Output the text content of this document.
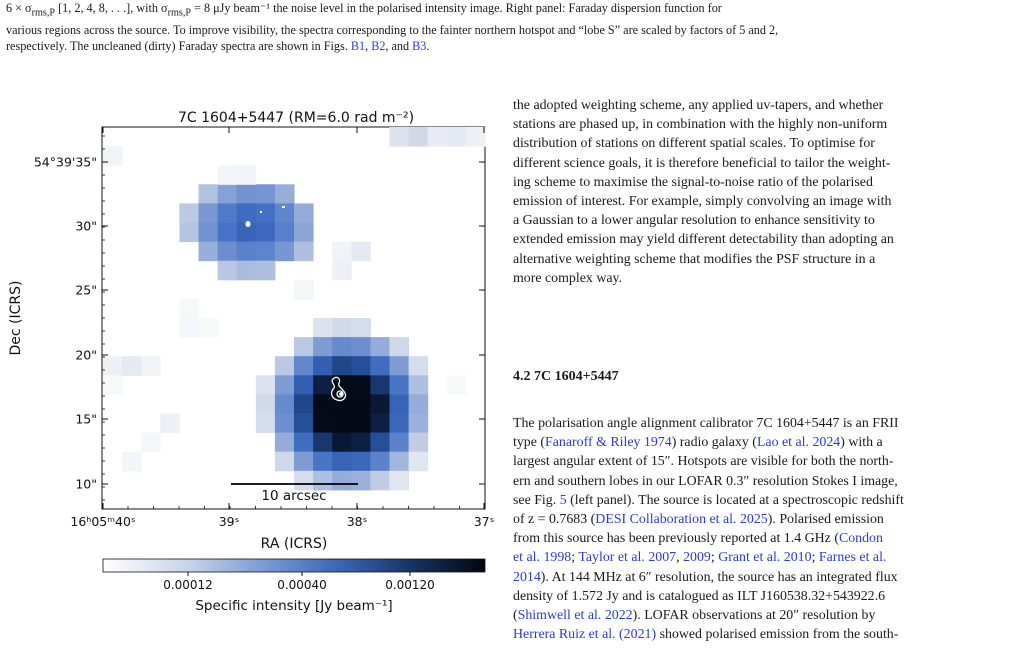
$6 \times \sigma_{rms,P}$ [1, 2, 4, 8, . . .], with $\sigma_{rms,P} = 8$ μJy beam⁻¹ the noise level in the polarised intensity image. Right panel: Faraday dispersion function for
various regions across the source. To improve visibility, the spectra corresponding to the fainter northern hotspot and “lobe S” are scaled by factors of 5 and 2,
respectively. The uncleaned (dirty) Faraday spectra are shown in Figs. B1, B2, and B3.
7C 1604+5447 (RM=6.0 rad m⁻²)
54°39'35"
30"
25"
20"
15"
10"
16ʰ05ᵐ40ˢ	39ˢ	38ˢ	37ˢ
Dec (ICRS)
RA (ICRS)
10 arcsec
0.00012	0.00040	0.00120
Specific intensity [Jy beam⁻¹]
the adopted weighting scheme, any applied uv-tapers, and whether
stations are phased up, in combination with the highly non-uniform
distribution of stations on different spatial scales. To optimise for
different science goals, it is therefore beneficial to tailor the weight-
ing scheme to maximise the signal-to-noise ratio of the polarised
emission of interest. For example, simply convolving an image with
a Gaussian to a lower angular resolution to enhance sensitivity to
extended emission may yield different detectability than adopting an
alternative weighting scheme that modifies the PSF structure in a
more complex way.
4.2 7C 1604+5447
The polarisation angle alignment calibrator 7C 1604+5447 is an FRII
type (Fanaroff & Riley 1974) radio galaxy (Lao et al. 2024) with a
largest angular extent of 15″. Hotspots are visible for both the north-
ern and southern lobes in our LOFAR 0.3″ resolution Stokes I image,
see Fig. 5 (left panel). The source is located at a spectroscopic redshift
of z = 0.7683 (DESI Collaboration et al. 2025). Polarised emission
from this source has been previously reported at 1.4 GHz (Condon
et al. 1998; Taylor et al. 2007, 2009; Grant et al. 2010; Farnes et al.
2014). At 144 MHz at 6″ resolution, the source has an integrated flux
density of 1.572 Jy and is catalogued as ILT J160538.32+543922.6
(Shimwell et al. 2022). LOFAR observations at 20″ resolution by
Herrera Ruiz et al. (2021) showed polarised emission from the south-
